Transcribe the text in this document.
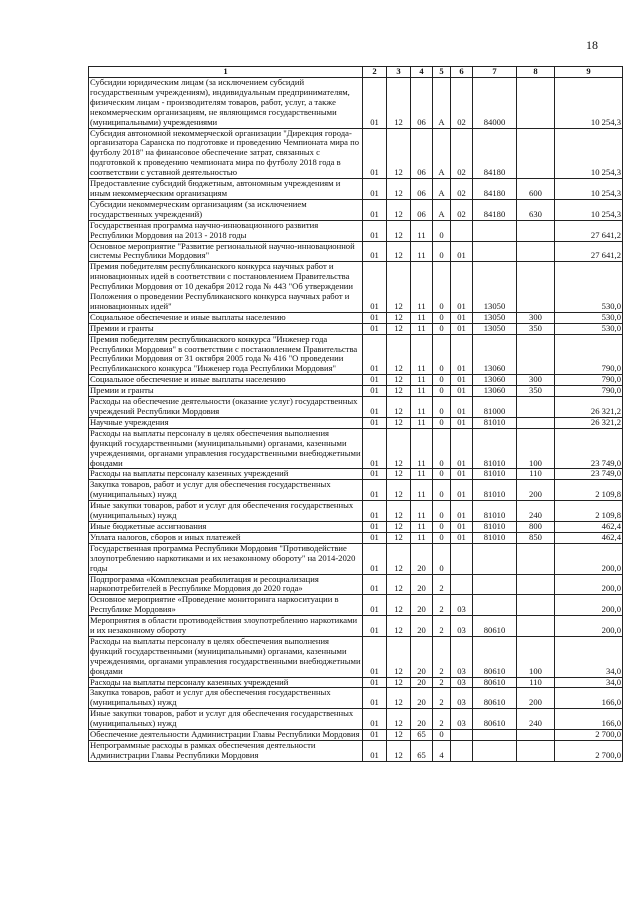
18
1	2	3	4	5	6	7	8	9
Субсидии юридическим лицам (за исключением субсидий государственным учреждениям), индивидуальным предпринимателям, физическим лицам - производителям товаров, работ, услуг, а также некоммерческим организациям, не являющимся государственными (муниципальными) учреждениями	01	12	06	А	02	84000		10 254,3
Субсидия автономной некоммерческой организации "Дирекция города-организатора Саранска по подготовке и проведению Чемпионата мира по футболу 2018" на финансовое обеспечение затрат, связанных с подготовкой к проведению чемпионата мира по футболу 2018 года в соответствии с уставной деятельностью	01	12	06	А	02	84180		10 254,3
Предоставление субсидий бюджетным, автономным учреждениям и иным некоммерческим организациям	01	12	06	А	02	84180	600	10 254,3
Субсидии некоммерческим организациям (за исключением государственных учреждений)	01	12	06	А	02	84180	630	10 254,3
Государственная программа научно-инновационного развития Республики Мордовия на 2013 - 2018 годы	01	12	11	0				27 641,2
Основное мероприятие "Развитие региональной научно-инновационной системы Республики Мордовия"	01	12	11	0	01			27 641,2
Премия победителям республиканского конкурса научных работ и инновационных идей в соответствии с постановлением Правительства Республики Мордовия от 10 декабря 2012 года № 443 "Об утверждении Положения о проведении Республиканского конкурса научных работ и инновационных идей"	01	12	11	0	01	13050		530,0
Социальное обеспечение и иные выплаты населению	01	12	11	0	01	13050	300	530,0
Премии и гранты	01	12	11	0	01	13050	350	530,0
Премия победителям республиканского конкурса "Инженер года Республики Мордовия" в соответствии с постановлением Правительства Республики Мордовия от 31 октября 2005 года № 416 "О проведении Республиканского конкурса "Инженер года Республики Мордовия"	01	12	11	0	01	13060		790,0
Социальное обеспечение и иные выплаты населению	01	12	11	0	01	13060	300	790,0
Премии и гранты	01	12	11	0	01	13060	350	790,0
Расходы на обеспечение деятельности (оказание услуг) государственных учреждений Республики Мордовия	01	12	11	0	01	81000		26 321,2
Научные учреждения	01	12	11	0	01	81010		26 321,2
Расходы на выплаты персоналу в целях обеспечения выполнения функций государственными (муниципальными) органами, казенными учреждениями, органами управления государственными внебюджетными фондами	01	12	11	0	01	81010	100	23 749,0
Расходы на выплаты персоналу казенных учреждений	01	12	11	0	01	81010	110	23 749,0
Закупка товаров, работ и услуг для обеспечения государственных (муниципальных) нужд	01	12	11	0	01	81010	200	2 109,8
Иные закупки товаров, работ и услуг для обеспечения государственных (муниципальных) нужд	01	12	11	0	01	81010	240	2 109,8
Иные бюджетные ассигнования	01	12	11	0	01	81010	800	462,4
Уплата налогов, сборов и иных платежей	01	12	11	0	01	81010	850	462,4
Государственная программа Республики Мордовия "Противодействие злоупотреблению наркотиками и их незаконному обороту" на 2014-2020 годы	01	12	20	0				200,0
Подпрограмма «Комплексная реабилитация и ресоциализация наркопотребителей в Республике Мордовия до 2020 года»	01	12	20	2				200,0
Основное мероприятие «Проведение мониторинга наркоситуации в Республике Мордовия»	01	12	20	2	03			200,0
Мероприятия в области противодействия злоупотреблению наркотиками и их незаконному обороту	01	12	20	2	03	80610		200,0
Расходы на выплаты персоналу в целях обеспечения выполнения функций государственными (муниципальными) органами, казенными учреждениями, органами управления государственными внебюджетными фондами	01	12	20	2	03	80610	100	34,0
Расходы на выплаты персоналу казенных учреждений	01	12	20	2	03	80610	110	34,0
Закупка товаров, работ и услуг для обеспечения государственных (муниципальных) нужд	01	12	20	2	03	80610	200	166,0
Иные закупки товаров, работ и услуг для обеспечения государственных (муниципальных) нужд	01	12	20	2	03	80610	240	166,0
Обеспечение деятельности Администрации Главы Республики Мордовия	01	12	65	0				2 700,0
Непрограммные расходы в рамках обеспечения деятельности Администрации Главы Республики Мордовия	01	12	65	4				2 700,0
